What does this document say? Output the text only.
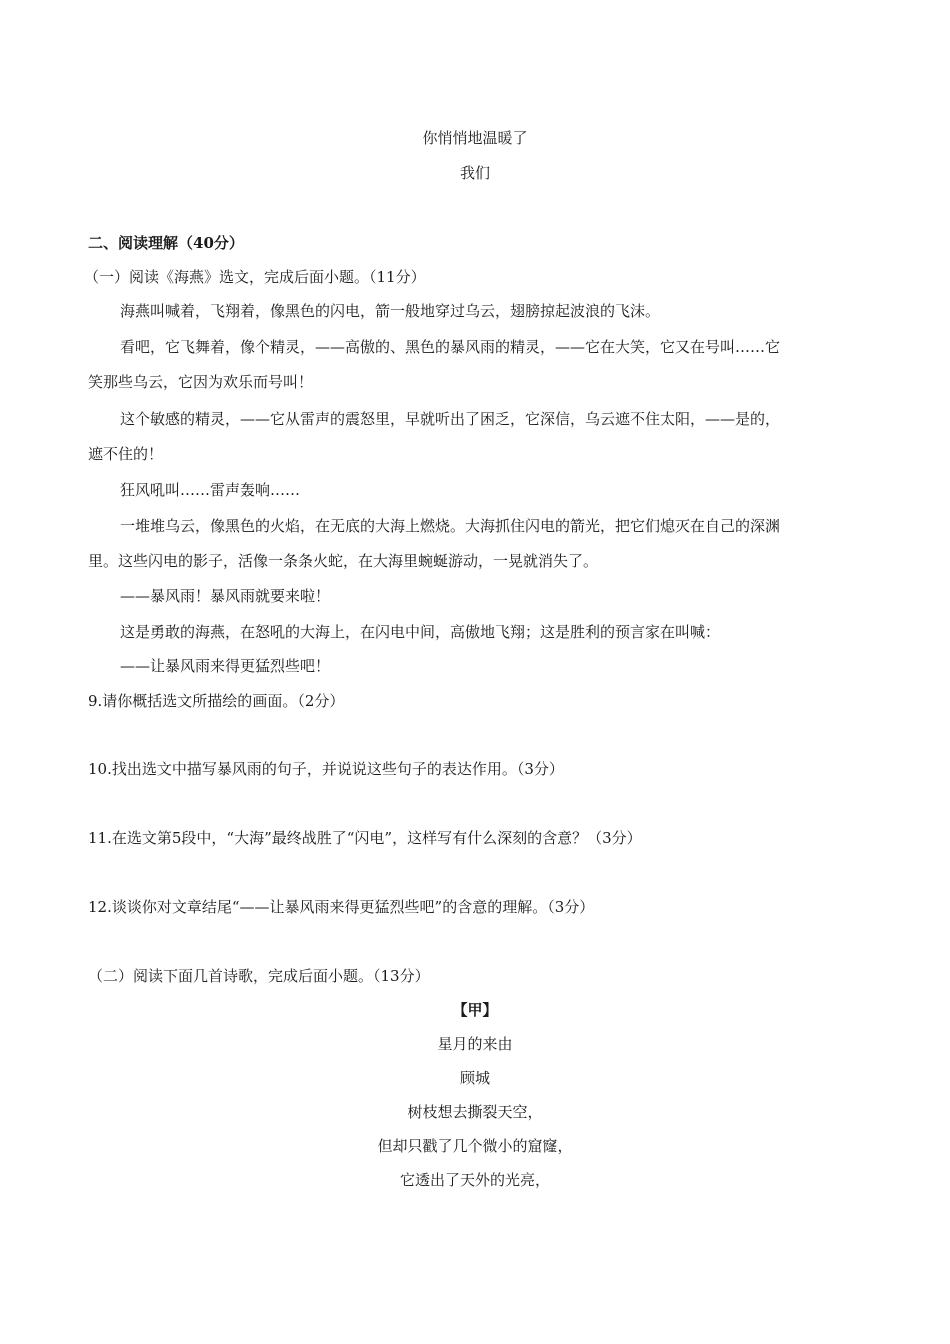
你悄悄地温暖了
我们
二、阅读理解（40分）
（一）阅读《海燕》选文，完成后面小题。（11分）
海燕叫喊着，飞翔着，像黑色的闪电，箭一般地穿过乌云，翅膀掠起波浪的飞沫。
看吧，它飞舞着，像个精灵，——高傲的、黑色的暴风雨的精灵，——它在大笑，它又在号叫……它
笑那些乌云，它因为欢乐而号叫！
这个敏感的精灵，——它从雷声的震怒里，早就听出了困乏，它深信，乌云遮不住太阳，——是的，
遮不住的！
狂风吼叫……雷声轰响……
一堆堆乌云，像黑色的火焰，在无底的大海上燃烧。大海抓住闪电的箭光，把它们熄灭在自己的深渊
里。这些闪电的影子，活像一条条火蛇，在大海里蜿蜒游动，一晃就消失了。
——暴风雨！暴风雨就要来啦！
这是勇敢的海燕，在怒吼的大海上，在闪电中间，高傲地飞翔；这是胜利的预言家在叫喊：
——让暴风雨来得更猛烈些吧！
9.请你概括选文所描绘的画面。（2分）
10.找出选文中描写暴风雨的句子，并说说这些句子的表达作用。（3分）
11.在选文第5段中，“大海”最终战胜了“闪电”，这样写有什么深刻的含意？（3分）
12.谈谈你对文章结尾“——让暴风雨来得更猛烈些吧”的含意的理解。（3分）
（二）阅读下面几首诗歌，完成后面小题。（13分）
【甲】
星月的来由
顾城
树枝想去撕裂天空，
但却只戳了几个微小的窟窿，
它透出了天外的光亮，
